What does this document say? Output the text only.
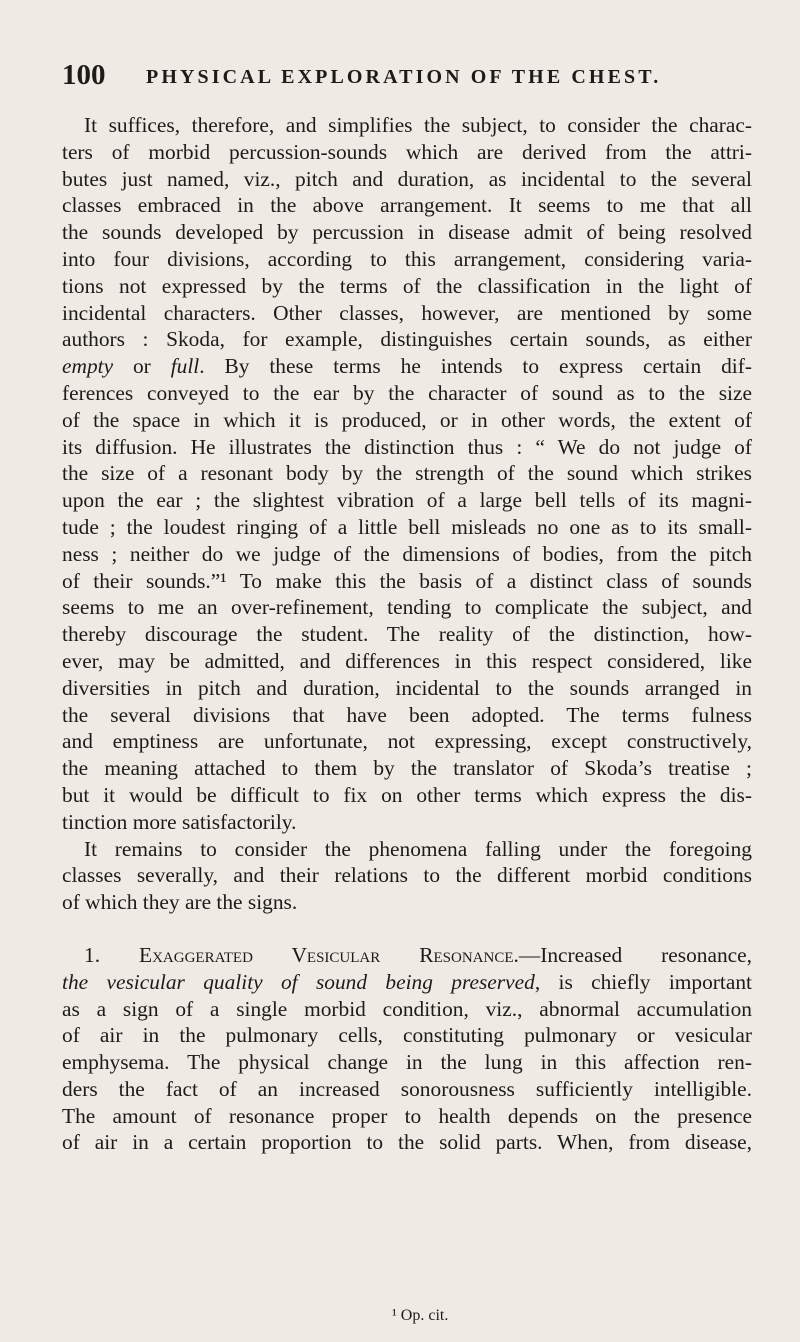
100 PHYSICAL EXPLORATION OF THE CHEST.
It suffices, therefore, and simplifies the subject, to consider the charac-
ters of morbid percussion-sounds which are derived from the attri-
butes just named, viz., pitch and duration, as incidental to the several
classes embraced in the above arrangement. It seems to me that all
the sounds developed by percussion in disease admit of being resolved
into four divisions, according to this arrangement, considering varia-
tions not expressed by the terms of the classification in the light of
incidental characters. Other classes, however, are mentioned by some
authors : Skoda, for example, distinguishes certain sounds, as either
empty or full. By these terms he intends to express certain dif-
ferences conveyed to the ear by the character of sound as to the size
of the space in which it is produced, or in other words, the extent of
its diffusion. He illustrates the distinction thus : “ We do not judge of
the size of a resonant body by the strength of the sound which strikes
upon the ear ; the slightest vibration of a large bell tells of its magni-
tude ; the loudest ringing of a little bell misleads no one as to its small-
ness ; neither do we judge of the dimensions of bodies, from the pitch
of their sounds.”¹ To make this the basis of a distinct class of sounds
seems to me an over-refinement, tending to complicate the subject, and
thereby discourage the student. The reality of the distinction, how-
ever, may be admitted, and differences in this respect considered, like
diversities in pitch and duration, incidental to the sounds arranged in
the several divisions that have been adopted. The terms fulness
and emptiness are unfortunate, not expressing, except constructively,
the meaning attached to them by the translator of Skoda’s treatise ;
but it would be difficult to fix on other terms which express the dis-
tinction more satisfactorily.
It remains to consider the phenomena falling under the foregoing
classes severally, and their relations to the different morbid conditions
of which they are the signs.
1. Exaggerated Vesicular Resonance.—Increased resonance,
the vesicular quality of sound being preserved, is chiefly important
as a sign of a single morbid condition, viz., abnormal accumulation
of air in the pulmonary cells, constituting pulmonary or vesicular
emphysema. The physical change in the lung in this affection ren-
ders the fact of an increased sonorousness sufficiently intelligible.
The amount of resonance proper to health depends on the presence
of air in a certain proportion to the solid parts. When, from disease,
¹ Op. cit.
